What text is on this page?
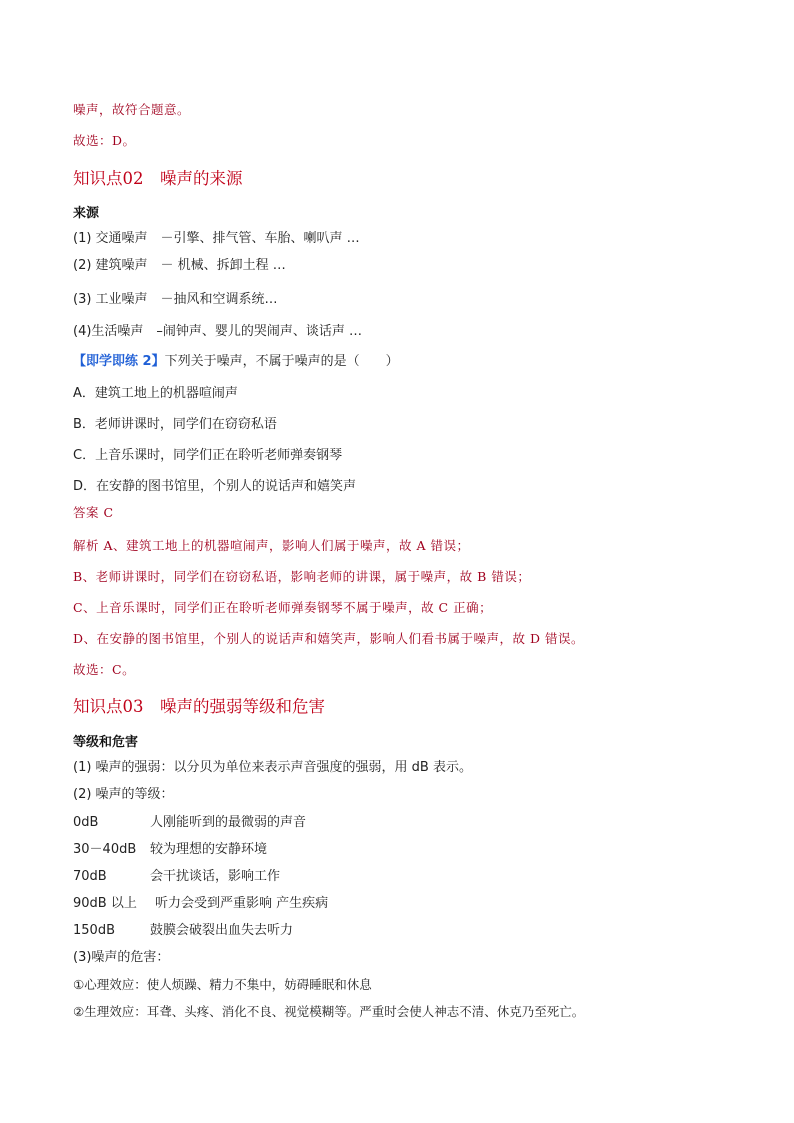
噪声，故符合题意。
故选：D。
知识点02　噪声的来源
来源
(1) 交通噪声　－引擎、排气管、车胎、喇叭声 …
(2) 建筑噪声　－ 机械、拆卸土程 …
(3) 工业噪声　－抽风和空调系统…
(4)生活噪声　–闹钟声、婴儿的哭闹声、谈话声 …
【即学即练 2】下列关于噪声，不属于噪声的是（　　）
A．建筑工地上的机器喧闹声
B．老师讲课时，同学们在窃窃私语
C．上音乐课时，同学们正在聆听老师弹奏钢琴
D．在安静的图书馆里，个别人的说话声和嬉笑声
答案 C
解析 A、建筑工地上的机器喧闹声，影响人们属于噪声，故 A 错误；
B、老师讲课时，同学们在窃窃私语，影响老师的讲课，属于噪声，故 B 错误；
C、上音乐课时，同学们正在聆听老师弹奏钢琴不属于噪声，故 C 正确；
D、在安静的图书馆里，个别人的说话声和嬉笑声，影响人们看书属于噪声，故 D 错误。
故选：C。
知识点03　噪声的强弱等级和危害
等级和危害
(1) 噪声的强弱：以分贝为单位来表示声音强度的强弱，用 dB 表示。
(2) 噪声的等级：
0dB	人刚能听到的最微弱的声音
30－40dB 较为理想的安静环境
70dB	会干扰谈话，影响工作
90dB 以上 听力会受到严重影响 产生疾病
150dB	鼓膜会破裂出血失去听力
(3)噪声的危害：
①心理效应：使人烦躁、精力不集中，妨碍睡眠和休息
②生理效应：耳聋、头疼、消化不良、视觉模糊等。严重时会使人神志不清、休克乃至死亡。
